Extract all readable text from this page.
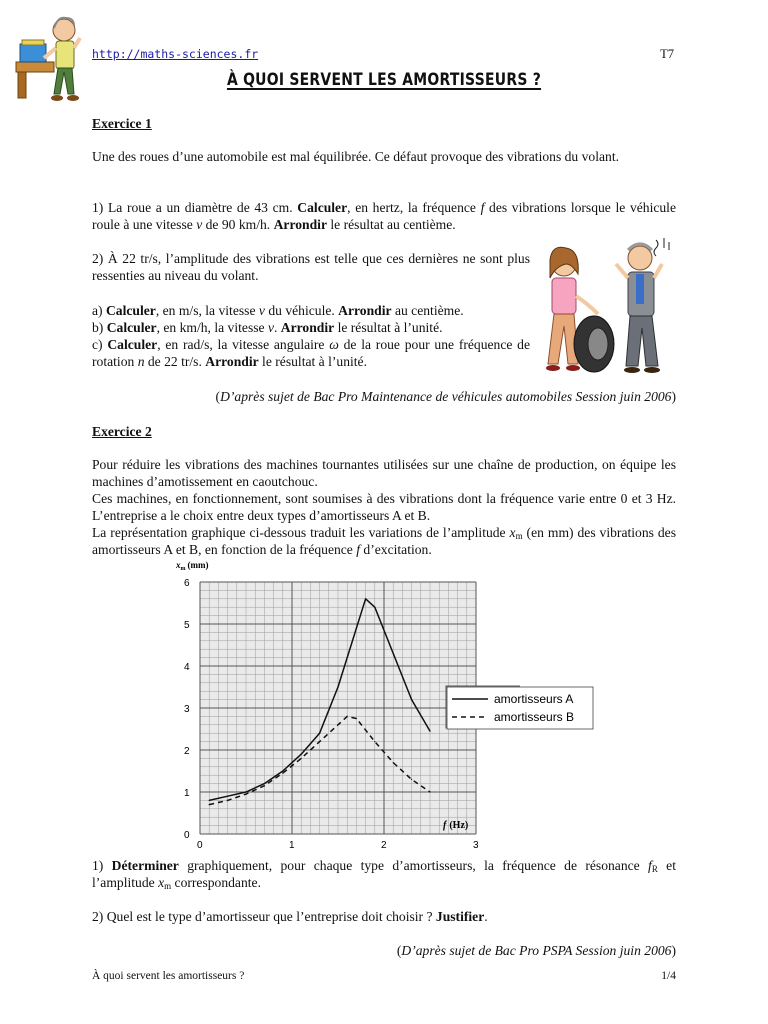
http://maths-sciences.fr	T7
À QUOI SERVENT LES AMORTISSEURS ?
Exercice 1
Une des roues d’une automobile est mal équilibrée. Ce défaut provoque des vibrations du volant.
1) La roue a un diamètre de 43 cm. Calculer, en hertz, la fréquence f des vibrations lorsque le véhicule roule à une vitesse v de 90 km/h. Arrondir le résultat au centième.
2) À 22 tr/s, l’amplitude des vibrations est telle que ces dernières ne sont plus ressenties au niveau du volant.
a) Calculer, en m/s, la vitesse v du véhicule. Arrondir au centième.
b) Calculer, en km/h, la vitesse v. Arrondir le résultat à l’unité.
c) Calculer, en rad/s, la vitesse angulaire ω de la roue pour une fréquence de rotation n de 22 tr/s. Arrondir le résultat à l’unité.
(D’après sujet de Bac Pro Maintenance de véhicules automobiles Session juin 2006)
Exercice 2
Pour réduire les vibrations des machines tournantes utilisées sur une chaîne de production, on équipe les machines d’amotissement en caoutchouc.
Ces machines, en fonctionnement, sont soumises à des vibrations dont la fréquence varie entre 0 et 3 Hz. L’entreprise a le choix entre deux types d’amortisseurs A et B.
La représentation graphique ci-dessous traduit les variations de l’amplitude $x_m$ (en mm) des vibrations des amortisseurs A et B, en fonction de la fréquence f d’excitation.
0
1
2
3
4
5
6
0	1	2	3
$x_m$ (mm)
f (Hz)
amortisseurs A
amortisseurs B
1) Déterminer graphiquement, pour chaque type d’amortisseurs, la fréquence de résonance $f_R$ et l’amplitude $x_m$ correspondante.
2) Quel est le type d’amortisseur que l’entreprise doit choisir ? Justifier.
(D’après sujet de Bac Pro PSPA Session juin 2006)
À quoi servent les amortisseurs ?	1/4
